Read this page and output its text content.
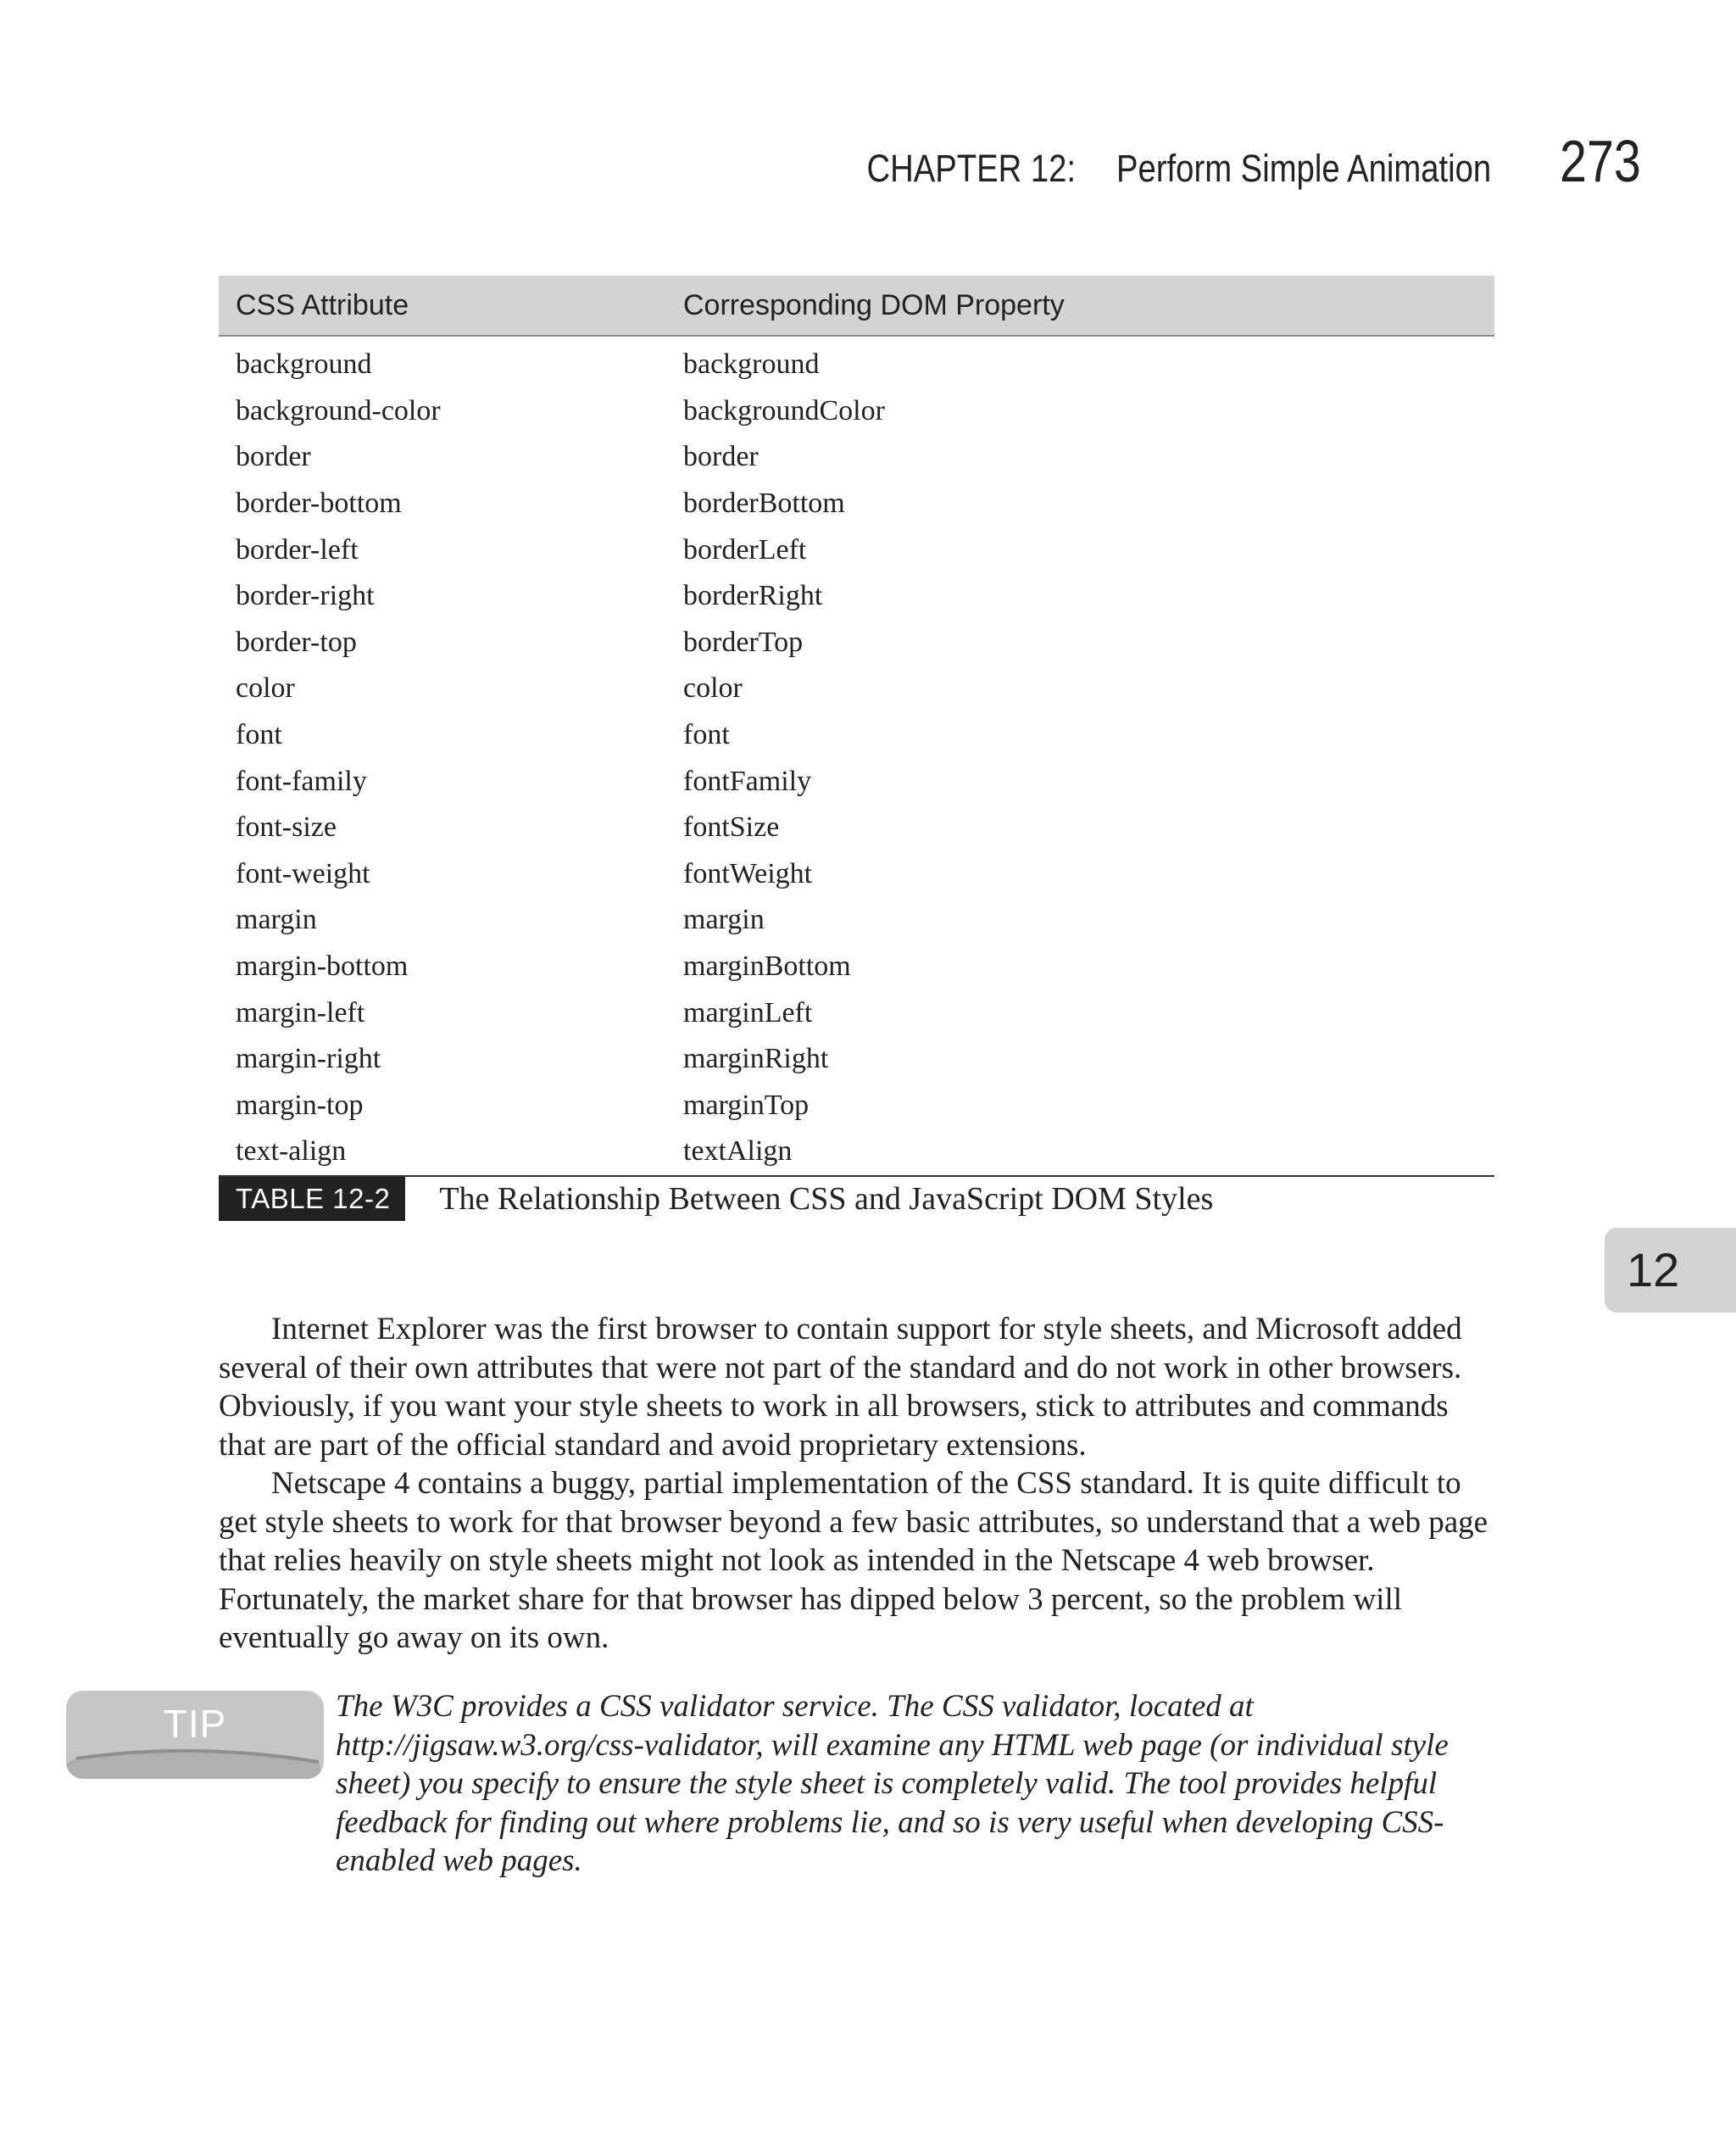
CHAPTER 12: Perform Simple Animation 273
CSS Attribute	Corresponding DOM Property
background	background
background-color	backgroundColor
border	border
border-bottom	borderBottom
border-left	borderLeft
border-right	borderRight
border-top	borderTop
color	color
font	font
font-family	fontFamily
font-size	fontSize
font-weight	fontWeight
margin	margin
margin-bottom	marginBottom
margin-left	marginLeft
margin-right	marginRight
margin-top	marginTop
text-align	textAlign
TABLE 12-2	The Relationship Between CSS and JavaScript DOM Styles
12

Internet Explorer was the first browser to contain support for style sheets, and Microsoft added several of their own attributes that were not part of the standard and do not work in other browsers. Obviously, if you want your style sheets to work in all browsers, stick to attributes and commands that are part of the official standard and avoid proprietary extensions.

Netscape 4 contains a buggy, partial implementation of the CSS standard. It is quite difficult to get style sheets to work for that browser beyond a few basic attributes, so understand that a web page that relies heavily on style sheets might not look as intended in the Netscape 4 web browser. Fortunately, the market share for that browser has dipped below 3 percent, so the problem will eventually go away on its own.

TIP	The W3C provides a CSS validator service. The CSS validator, located at http://jigsaw.w3.org/css-validator, will examine any HTML web page (or individual style sheet) you specify to ensure the style sheet is completely valid. The tool provides helpful feedback for finding out where problems lie, and so is very useful when developing CSS-enabled web pages.
